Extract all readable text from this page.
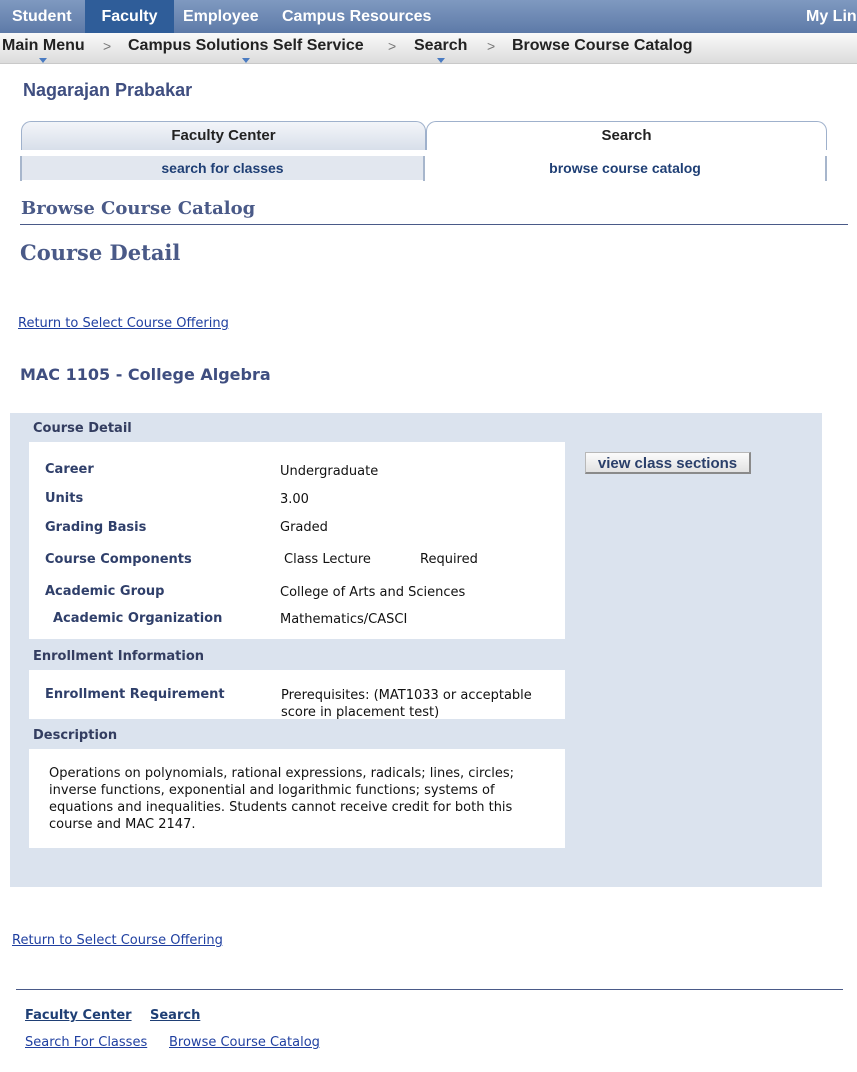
Student	Faculty	Employee Campus Resources	My Lin
Main Menu > Campus Solutions Self Service > Search > Browse Course Catalog
Nagarajan Prabakar
Faculty Center	Search
search for classes	browse course catalog
Browse Course Catalog
Course Detail
Return to Select Course Offering
MAC 1105 - College Algebra
Course Detail
Career	Undergraduate
Units	3.00
Grading Basis	Graded
Course Components	Class Lecture	Required
Academic Group	College of Arts and Sciences
Academic Organization	Mathematics/CASCI
view class sections
Enrollment Information
Enrollment Requirement	Prerequisites: (MAT1033 or acceptable
score in placement test)
Description
Operations on polynomials, rational expressions, radicals; lines, circles; inverse functions, exponential and logarithmic functions; systems of equations and inequalities. Students cannot receive credit for both this course and MAC 2147.
Return to Select Course Offering
Faculty Center Search
Search For Classes Browse Course Catalog
